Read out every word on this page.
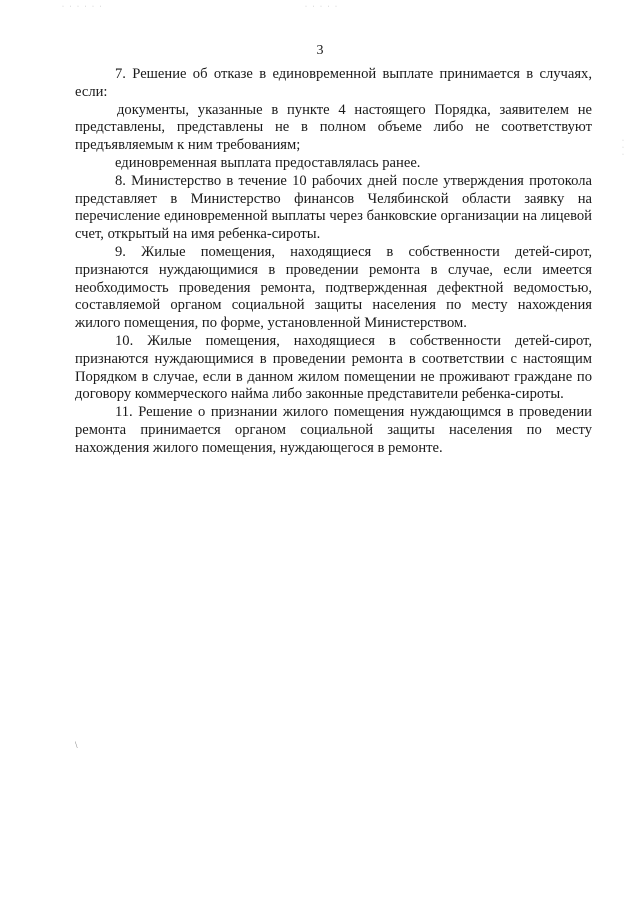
· · · · · ·	· · · · ·
·
·
·
\
3

7. Решение об отказе в единовременной выплате принимается в случаях, если:

документы, указанные в пункте 4 настоящего Порядка, заявителем не представлены, представлены не в полном объеме либо не соответствуют предъявляемым к ним требованиям;

единовременная выплата предоставлялась ранее.

8. Министерство в течение 10 рабочих дней после утверждения протокола представляет в Министерство финансов Челябинской области заявку на перечисление единовременной выплаты через банковские организации на лицевой счет, открытый на имя ребенка-сироты.

9. Жилые помещения, находящиеся в собственности детей-сирот, признаются нуждающимися в проведении ремонта в случае, если имеется необходимость проведения ремонта, подтвержденная дефектной ведомостью, составляемой органом социальной защиты населения по месту нахождения жилого помещения, по форме, установленной Министерством.

10. Жилые помещения, находящиеся в собственности детей-сирот, признаются нуждающимися в проведении ремонта в соответствии с настоящим Порядком в случае, если в данном жилом помещении не проживают граждане по договору коммерческого найма либо законные представители ребенка-сироты.

11. Решение о признании жилого помещения нуждающимся в проведении ремонта принимается органом социальной защиты населения по месту нахождения жилого помещения, нуждающегося в ремонте.
